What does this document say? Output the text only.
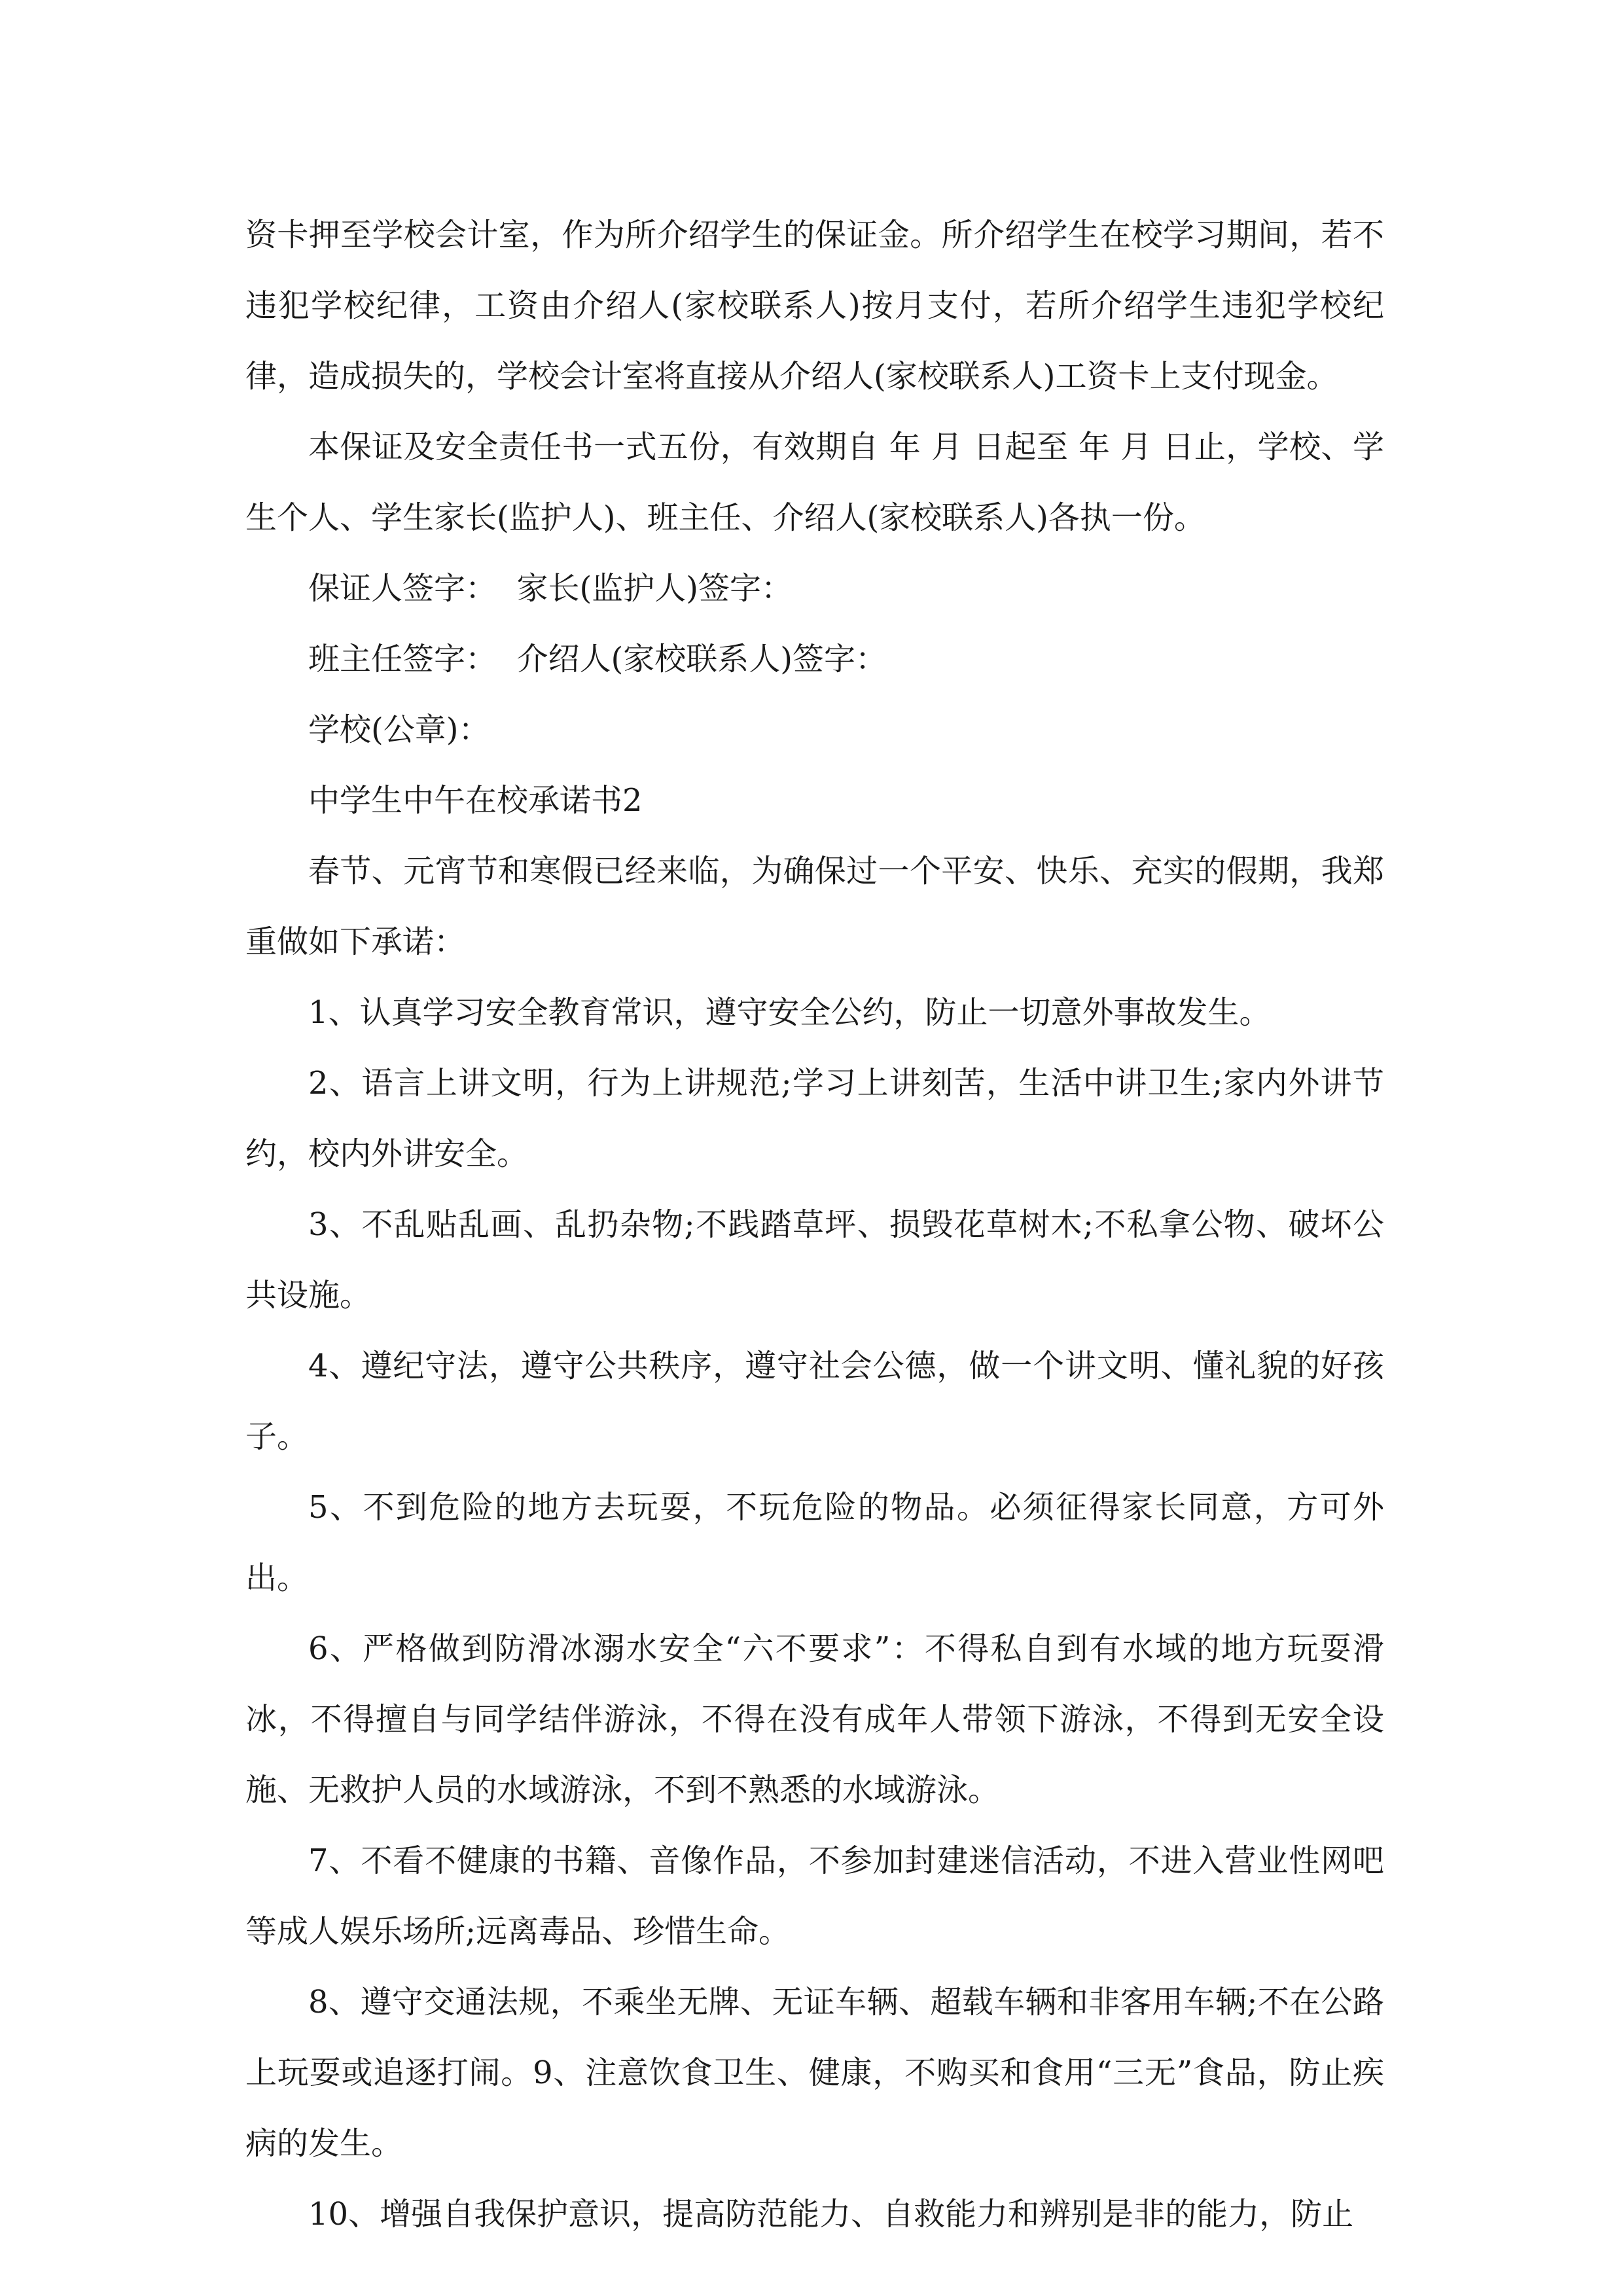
资卡押至学校会计室，作为所介绍学生的保证金。所介绍学生在校学习期间，若不违犯学校纪律，工资由介绍人(家校联系人)按月支付，若所介绍学生违犯学校纪律，造成损失的，学校会计室将直接从介绍人(家校联系人)工资卡上支付现金。

本保证及安全责任书一式五份，有效期自 年 月 日起至 年 月 日止，学校、学生个人、学生家长(监护人)、班主任、介绍人(家校联系人)各执一份。

保证人签字：  家长(监护人)签字：

班主任签字：  介绍人(家校联系人)签字：

学校(公章)：

中学生中午在校承诺书2

春节、元宵节和寒假已经来临，为确保过一个平安、快乐、充实的假期，我郑重做如下承诺：

1、认真学习安全教育常识，遵守安全公约，防止一切意外事故发生。

2、语言上讲文明，行为上讲规范;学习上讲刻苦，生活中讲卫生;家内外讲节约，校内外讲安全。

3、不乱贴乱画、乱扔杂物;不践踏草坪、损毁花草树木;不私拿公物、破坏公共设施。

4、遵纪守法，遵守公共秩序，遵守社会公德，做一个讲文明、懂礼貌的好孩子。

5、不到危险的地方去玩耍，不玩危险的物品。必须征得家长同意，方可外出。

6、严格做到防滑冰溺水安全“六不要求”：不得私自到有水域的地方玩耍滑冰，不得擅自与同学结伴游泳，不得在没有成年人带领下游泳，不得到无安全设施、无救护人员的水域游泳，不到不熟悉的水域游泳。

7、不看不健康的书籍、音像作品，不参加封建迷信活动，不进入营业性网吧等成人娱乐场所;远离毒品、珍惜生命。

8、遵守交通法规，不乘坐无牌、无证车辆、超载车辆和非客用车辆;不在公路上玩耍或追逐打闹。9、注意饮食卫生、健康，不购买和食用“三无”食品，防止疾病的发生。

10、增强自我保护意识，提高防范能力、自救能力和辨别是非的能力，防止
